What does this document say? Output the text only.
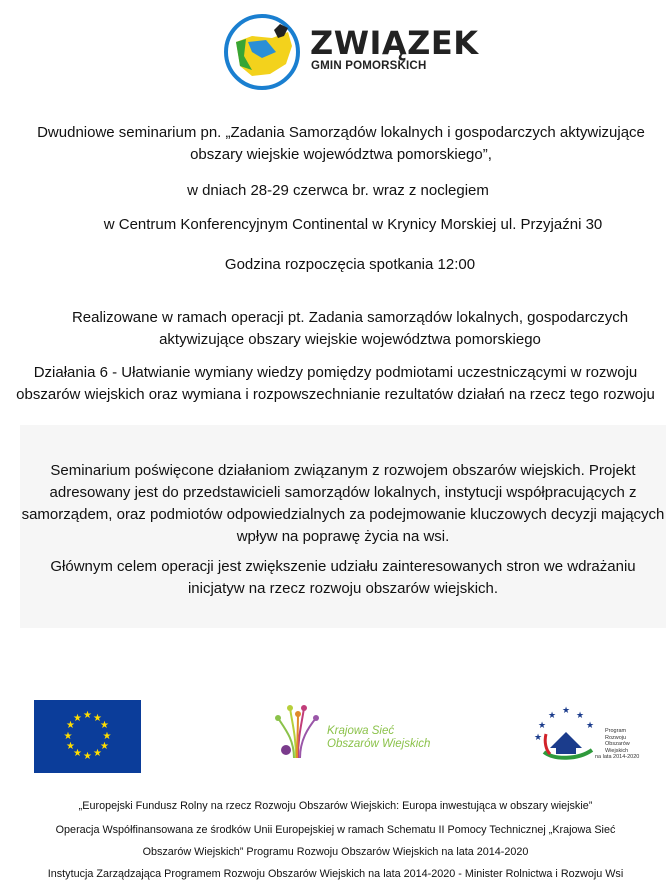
ZWIĄZEK
GMIN POMORSKICH
Dwudniowe seminarium pn. „Zadania Samorządów lokalnych i gospodarczych aktywizujące
obszary wiejskie województwa pomorskiego”,
w dniach 28-29 czerwca br. wraz z noclegiem
w Centrum Konferencyjnym Continental w Krynicy Morskiej ul. Przyjaźni 30
Godzina rozpoczęcia spotkania 12:00
Realizowane w ramach operacji pt. Zadania samorządów lokalnych, gospodarczych
aktywizujące obszary wiejskie województwa pomorskiego
Działania 6 - Ułatwianie wymiany wiedzy pomiędzy podmiotami uczestniczącymi w rozwoju
obszarów wiejskich oraz wymiana i rozpowszechnianie rezultatów działań na rzecz tego rozwoju
Seminarium poświęcone działaniom związanym z rozwojem obszarów wiejskich. Projekt
adresowany jest do przedstawicieli samorządów lokalnych, instytucji współpracujących z
samorządem, oraz podmiotów odpowiedzialnych za podejmowanie kluczowych decyzji mających
wpływ na poprawę życia na wsi.
Głównym celem operacji jest zwiększenie udziału zainteresowanych stron we wdrażaniu
inicjatyw na rzecz rozwoju obszarów wiejskich.
★ ★
★
★
★
★
★
★
★
★
★
★
Krajowa Sieć
Obszarów Wiejskich
★ ★
★
★
★
★
Program
Rozwoju
Obszarów
Wiejskich
na lata 2014-2020
„Europejski Fundusz Rolny na rzecz Rozwoju Obszarów Wiejskich: Europa inwestująca w obszary wiejskie”
Operacja Współfinansowana ze środków Unii Europejskiej w ramach Schematu II Pomocy Technicznej „Krajowa Sieć
Obszarów Wiejskich” Programu Rozwoju Obszarów Wiejskich na lata 2014-2020
Instytucja Zarządzająca Programem Rozwoju Obszarów Wiejskich na lata 2014-2020 - Minister Rolnictwa i Rozwoju Wsi
